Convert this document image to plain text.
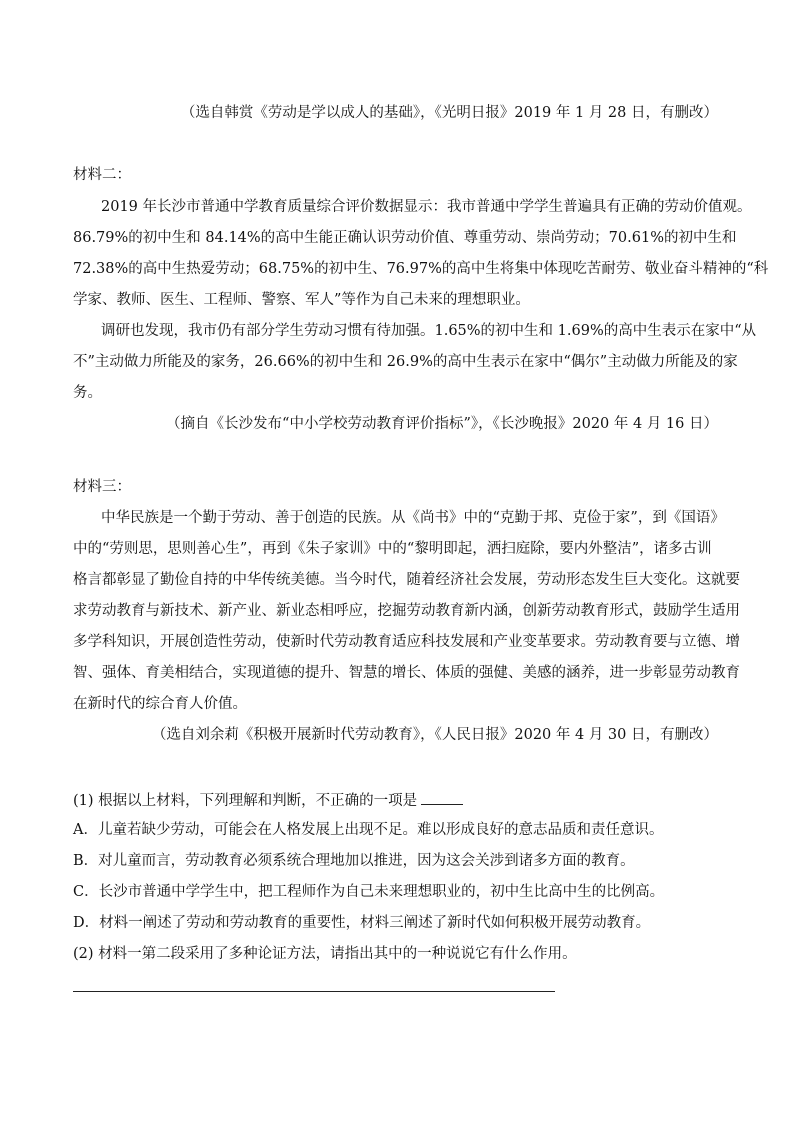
（选自韩赏《劳动是学以成人的基础》，《光明日报》2019 年 1 月 28 日，有删改）
材料二：
2019 年长沙市普通中学教育质量综合评价数据显示：我市普通中学学生普遍具有正确的劳动价值观。
86.79%的初中生和 84.14%的高中生能正确认识劳动价值、尊重劳动、崇尚劳动；70.61%的初中生和
72.38%的高中生热爱劳动；68.75%的初中生、76.97%的高中生将集中体现吃苦耐劳、敬业奋斗精神的“科
学家、教师、医生、工程师、警察、军人”等作为自己未来的理想职业。
调研也发现，我市仍有部分学生劳动习惯有待加强。1.65%的初中生和 1.69%的高中生表示在家中“从
不”主动做力所能及的家务，26.66%的初中生和 26.9%的高中生表示在家中“偶尔”主动做力所能及的家
务。
（摘自《长沙发布“中小学校劳动教育评价指标”》，《长沙晚报》2020 年 4 月 16 日）
材料三：
中华民族是一个勤于劳动、善于创造的民族。从《尚书》中的“克勤于邦、克俭于家”，到《国语》
中的“劳则思，思则善心生”，再到《朱子家训》中的“黎明即起，洒扫庭除，要内外整洁”，诸多古训
格言都彰显了勤俭自持的中华传统美德。当今时代，随着经济社会发展，劳动形态发生巨大变化。这就要
求劳动教育与新技术、新产业、新业态相呼应，挖掘劳动教育新内涵，创新劳动教育形式，鼓励学生适用
多学科知识，开展创造性劳动，使新时代劳动教育适应科技发展和产业变革要求。劳动教育要与立德、增
智、强体、育美相结合，实现道德的提升、智慧的增长、体质的强健、美感的涵养，进一步彰显劳动教育
在新时代的综合育人价值。
（选自刘余莉《积极开展新时代劳动教育》，《人民日报》2020 年 4 月 30 日，有删改）
(1) 根据以上材料，下列理解和判断，不正确的一项是
A．儿童若缺少劳动，可能会在人格发展上出现不足。难以形成良好的意志品质和责任意识。
B．对儿童而言，劳动教育必须系统合理地加以推进，因为这会关涉到诸多方面的教育。
C．长沙市普通中学学生中，把工程师作为自己未来理想职业的，初中生比高中生的比例高。
D．材料一阐述了劳动和劳动教育的重要性，材料三阐述了新时代如何积极开展劳动教育。
(2) 材料一第二段采用了多种论证方法，请指出其中的一种说说它有什么作用。
